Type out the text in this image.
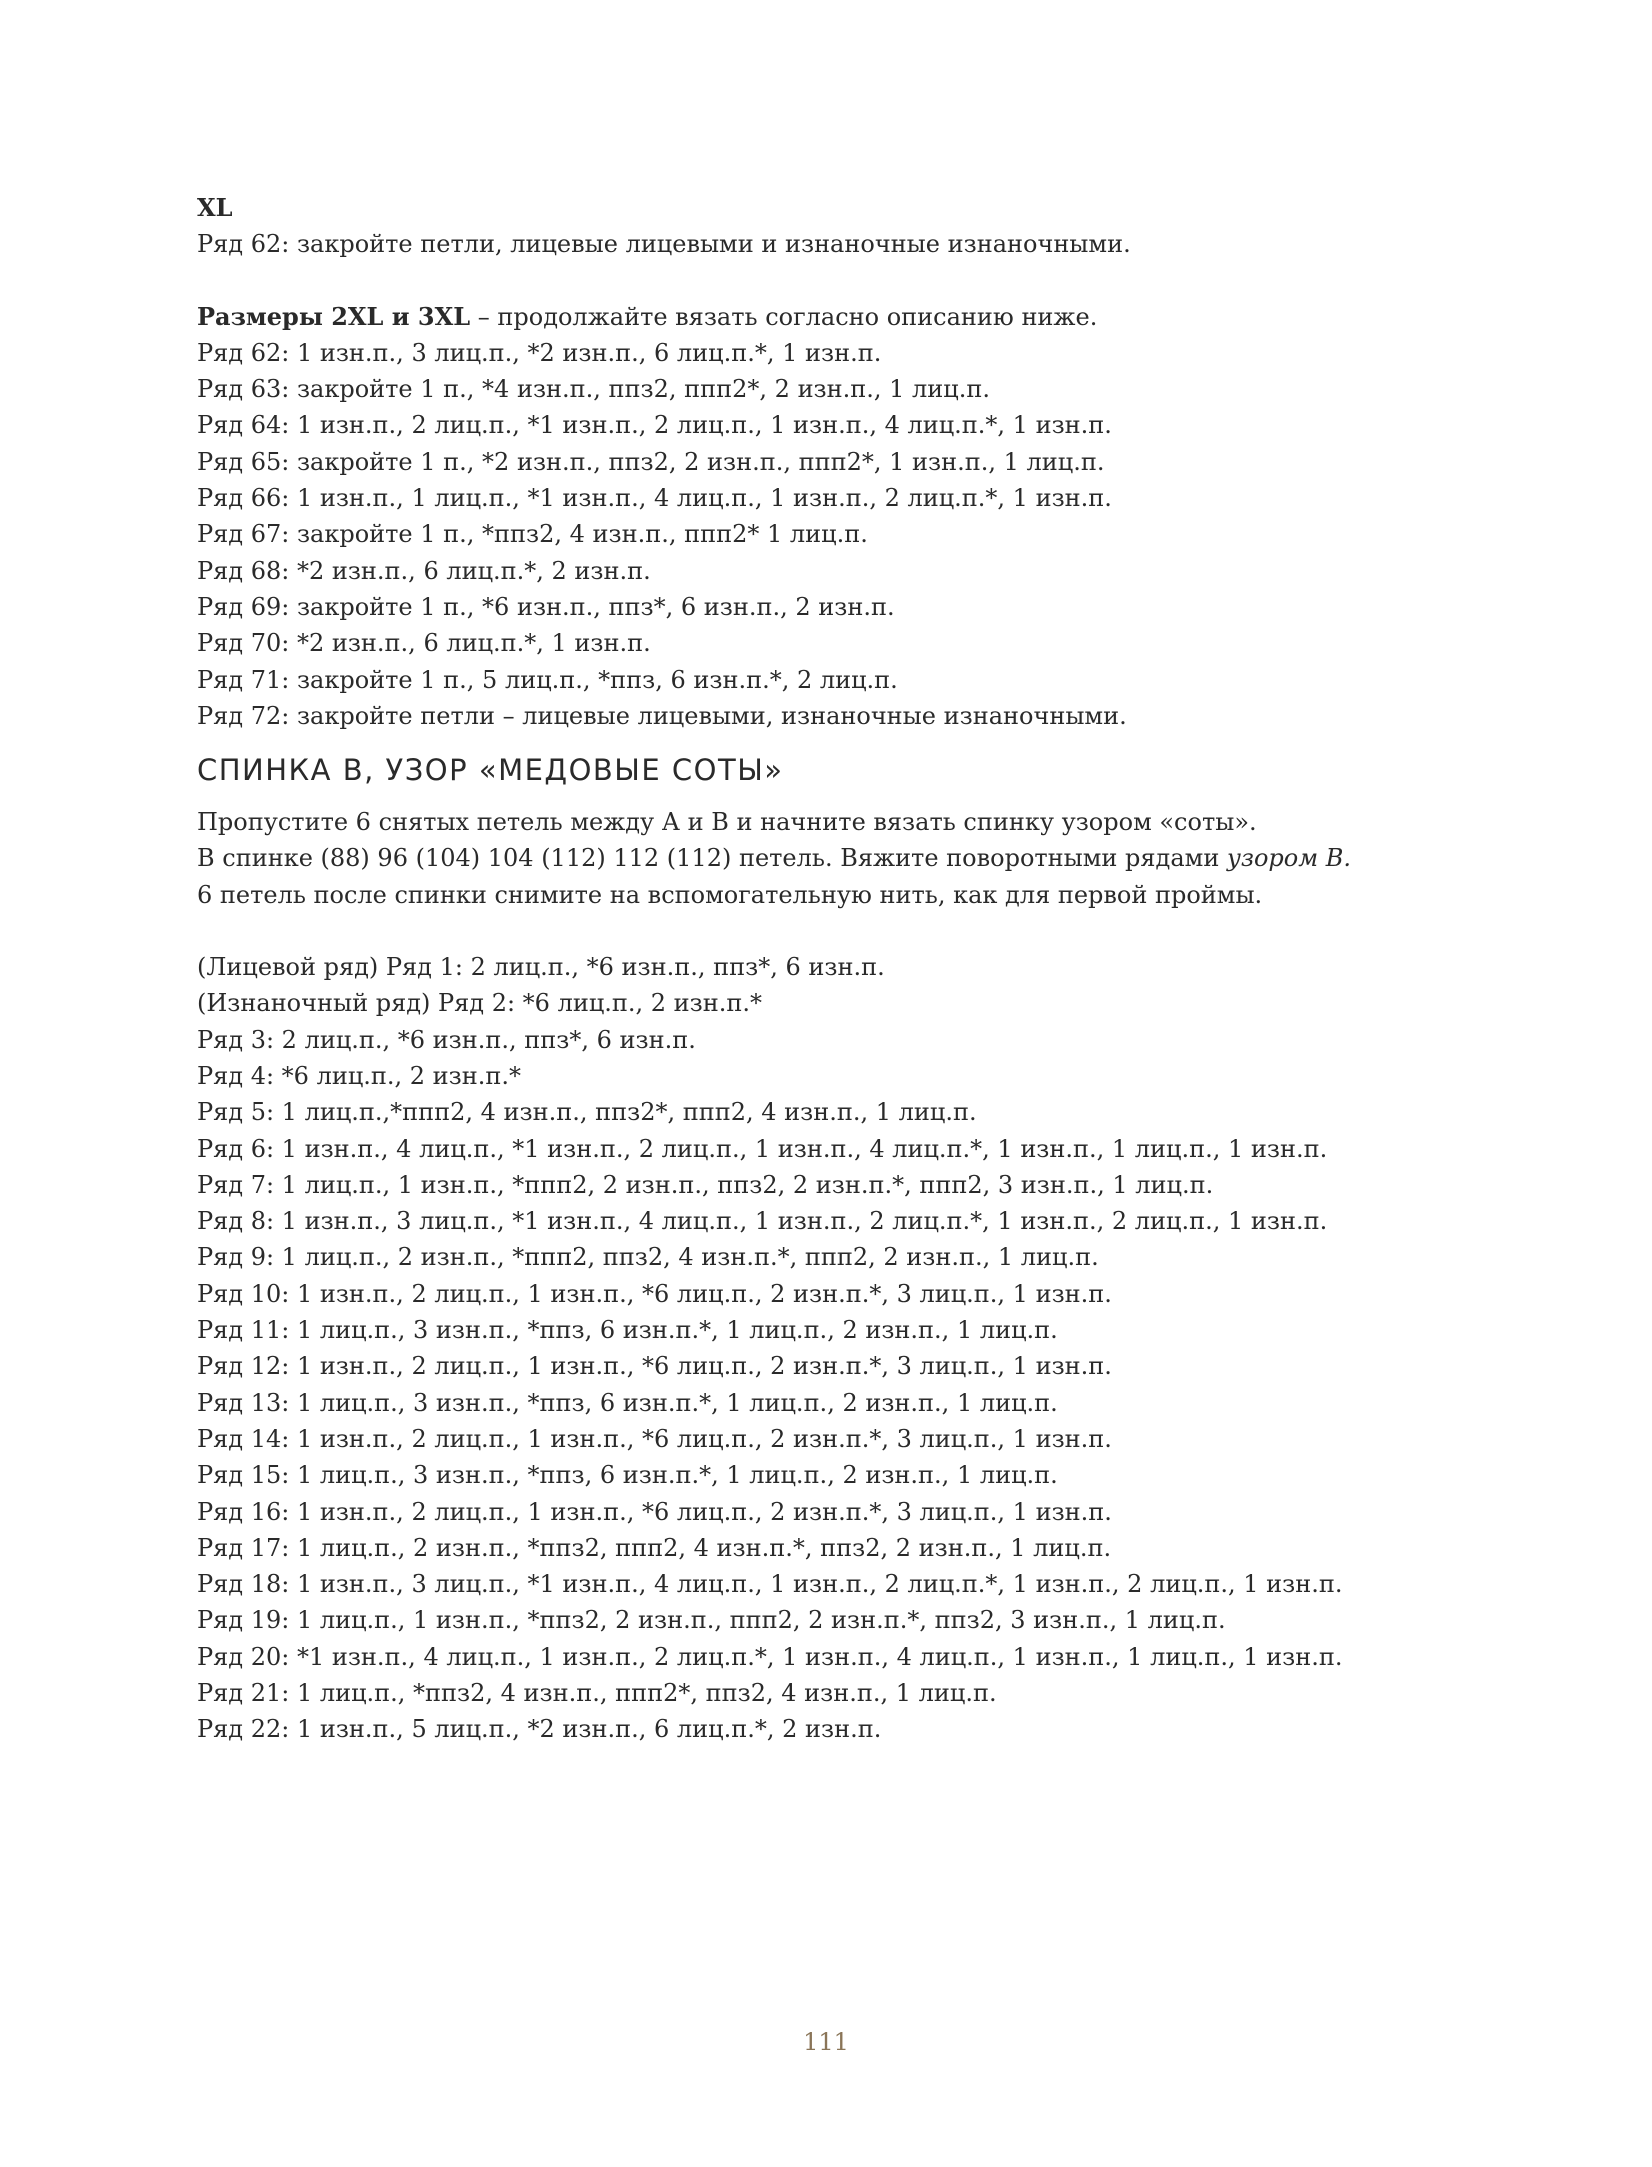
XL
Ряд 62: закройте петли, лицевые лицевыми и изнаночные изнаночными.
Размеры 2XL и 3XL – продолжайте вязать согласно описанию ниже.
Ряд 62: 1 изн.п., 3 лиц.п., *2 изн.п., 6 лиц.п.*, 1 изн.п.
Ряд 63: закройте 1 п., *4 изн.п., ппз2, ппп2*, 2 изн.п., 1 лиц.п.
Ряд 64: 1 изн.п., 2 лиц.п., *1 изн.п., 2 лиц.п., 1 изн.п., 4 лиц.п.*, 1 изн.п.
Ряд 65: закройте 1 п., *2 изн.п., ппз2, 2 изн.п., ппп2*, 1 изн.п., 1 лиц.п.
Ряд 66: 1 изн.п., 1 лиц.п., *1 изн.п., 4 лиц.п., 1 изн.п., 2 лиц.п.*, 1 изн.п.
Ряд 67: закройте 1 п., *ппз2, 4 изн.п., ппп2* 1 лиц.п.
Ряд 68: *2 изн.п., 6 лиц.п.*, 2 изн.п.
Ряд 69: закройте 1 п., *6 изн.п., ппз*, 6 изн.п., 2 изн.п.
Ряд 70: *2 изн.п., 6 лиц.п.*, 1 изн.п.
Ряд 71: закройте 1 п., 5 лиц.п., *ппз, 6 изн.п.*, 2 лиц.п.
Ряд 72: закройте петли – лицевые лицевыми, изнаночные изнаночными.
СПИНКА В, УЗОР «МЕДОВЫЕ СОТЫ»
Пропустите 6 снятых петель между А и В и начните вязать спинку узором «соты».
В спинке (88) 96 (104) 104 (112) 112 (112) петель. Вяжите поворотными рядами узором В.
6 петель после спинки снимите на вспомогательную нить, как для первой проймы.
(Лицевой ряд) Ряд 1: 2 лиц.п., *6 изн.п., ппз*, 6 изн.п.
(Изнаночный ряд) Ряд 2: *6 лиц.п., 2 изн.п.*
Ряд 3: 2 лиц.п., *6 изн.п., ппз*, 6 изн.п.
Ряд 4: *6 лиц.п., 2 изн.п.*
Ряд 5: 1 лиц.п.,*ппп2, 4 изн.п., ппз2*, ппп2, 4 изн.п., 1 лиц.п.
Ряд 6: 1 изн.п., 4 лиц.п., *1 изн.п., 2 лиц.п., 1 изн.п., 4 лиц.п.*, 1 изн.п., 1 лиц.п., 1 изн.п.
Ряд 7: 1 лиц.п., 1 изн.п., *ппп2, 2 изн.п., ппз2, 2 изн.п.*, ппп2, 3 изн.п., 1 лиц.п.
Ряд 8: 1 изн.п., 3 лиц.п., *1 изн.п., 4 лиц.п., 1 изн.п., 2 лиц.п.*, 1 изн.п., 2 лиц.п., 1 изн.п.
Ряд 9: 1 лиц.п., 2 изн.п., *ппп2, ппз2, 4 изн.п.*, ппп2, 2 изн.п., 1 лиц.п.
Ряд 10: 1 изн.п., 2 лиц.п., 1 изн.п., *6 лиц.п., 2 изн.п.*, 3 лиц.п., 1 изн.п.
Ряд 11: 1 лиц.п., 3 изн.п., *ппз, 6 изн.п.*, 1 лиц.п., 2 изн.п., 1 лиц.п.
Ряд 12: 1 изн.п., 2 лиц.п., 1 изн.п., *6 лиц.п., 2 изн.п.*, 3 лиц.п., 1 изн.п.
Ряд 13: 1 лиц.п., 3 изн.п., *ппз, 6 изн.п.*, 1 лиц.п., 2 изн.п., 1 лиц.п.
Ряд 14: 1 изн.п., 2 лиц.п., 1 изн.п., *6 лиц.п., 2 изн.п.*, 3 лиц.п., 1 изн.п.
Ряд 15: 1 лиц.п., 3 изн.п., *ппз, 6 изн.п.*, 1 лиц.п., 2 изн.п., 1 лиц.п.
Ряд 16: 1 изн.п., 2 лиц.п., 1 изн.п., *6 лиц.п., 2 изн.п.*, 3 лиц.п., 1 изн.п.
Ряд 17: 1 лиц.п., 2 изн.п., *ппз2, ппп2, 4 изн.п.*, ппз2, 2 изн.п., 1 лиц.п.
Ряд 18: 1 изн.п., 3 лиц.п., *1 изн.п., 4 лиц.п., 1 изн.п., 2 лиц.п.*, 1 изн.п., 2 лиц.п., 1 изн.п.
Ряд 19: 1 лиц.п., 1 изн.п., *ппз2, 2 изн.п., ппп2, 2 изн.п.*, ппз2, 3 изн.п., 1 лиц.п.
Ряд 20: *1 изн.п., 4 лиц.п., 1 изн.п., 2 лиц.п.*, 1 изн.п., 4 лиц.п., 1 изн.п., 1 лиц.п., 1 изн.п.
Ряд 21: 1 лиц.п., *ппз2, 4 изн.п., ппп2*, ппз2, 4 изн.п., 1 лиц.п.
Ряд 22: 1 изн.п., 5 лиц.п., *2 изн.п., 6 лиц.п.*, 2 изн.п.
111
